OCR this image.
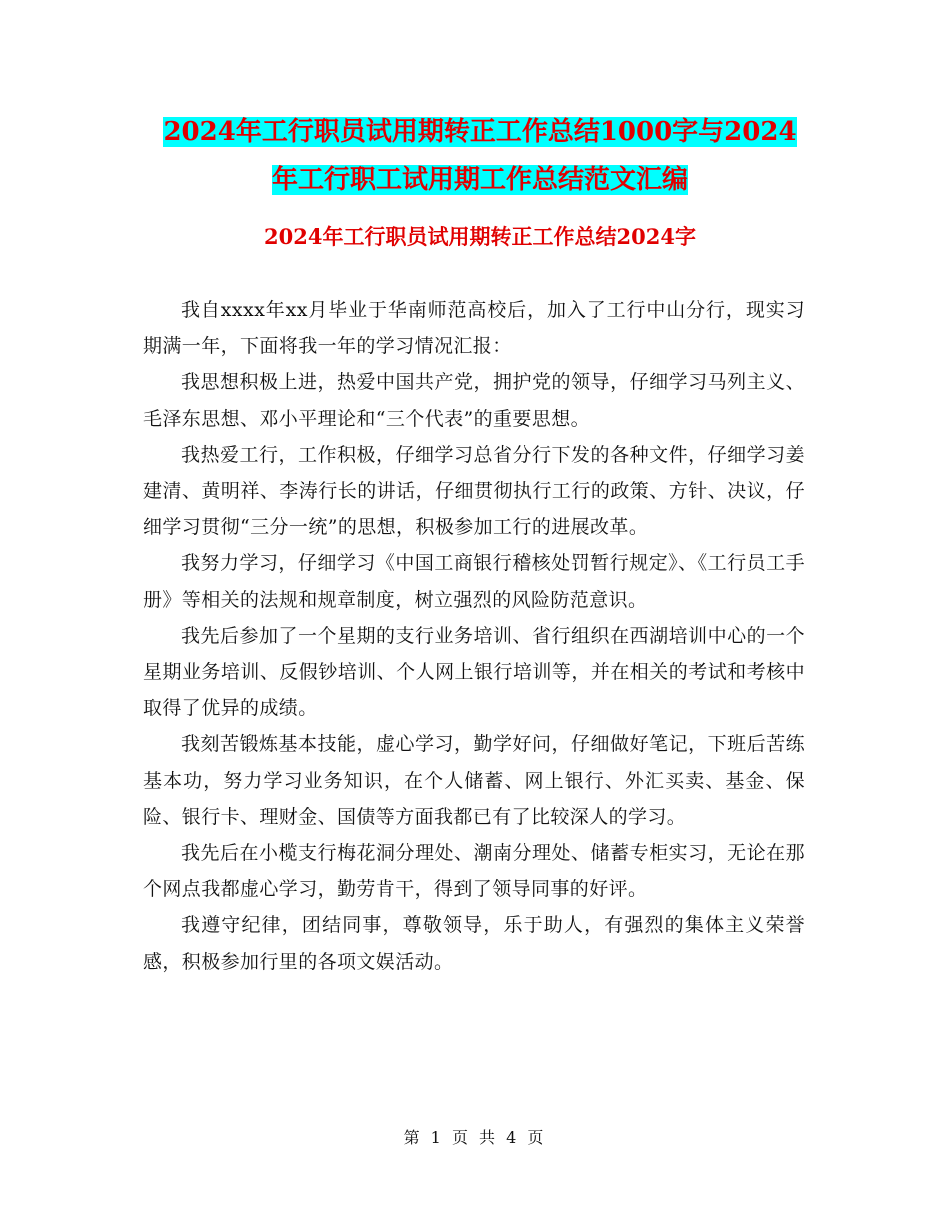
2024年工行职员试用期转正工作总结1000字与2024
年工行职工试用期工作总结范文汇编
2024年工行职员试用期转正工作总结2024字

我自xxxx年xx月毕业于华南师范高校后，加入了工行中山分行，现实习期满一年，下面将我一年的学习情况汇报：

我思想积极上进，热爱中国共产党，拥护党的领导，仔细学习马列主义、毛泽东思想、邓小平理论和“三个代表”的重要思想。

我热爱工行，工作积极，仔细学习总省分行下发的各种文件，仔细学习姜建清、黄明祥、李涛行长的讲话，仔细贯彻执行工行的政策、方针、决议，仔细学习贯彻“三分一统”的思想，积极参加工行的进展改革。

我努力学习，仔细学习《中国工商银行稽核处罚暂行规定》、《工行员工手册》等相关的法规和规章制度，树立强烈的风险防范意识。

我先后参加了一个星期的支行业务培训、省行组织在西湖培训中心的一个星期业务培训、反假钞培训、个人网上银行培训等，并在相关的考试和考核中取得了优异的成绩。

我刻苦锻炼基本技能，虚心学习，勤学好问，仔细做好笔记，下班后苦练基本功，努力学习业务知识，在个人储蓄、网上银行、外汇买卖、基金、保险、银行卡、理财金、国债等方面我都已有了比较深人的学习。

我先后在小榄支行梅花洞分理处、潮南分理处、储蓄专柜实习，无论在那个网点我都虚心学习，勤劳肯干，得到了领导同事的好评。

我遵守纪律，团结同事，尊敬领导，乐于助人，有强烈的集体主义荣誉感，积极参加行里的各项文娱活动。

第 1 页 共 4 页
